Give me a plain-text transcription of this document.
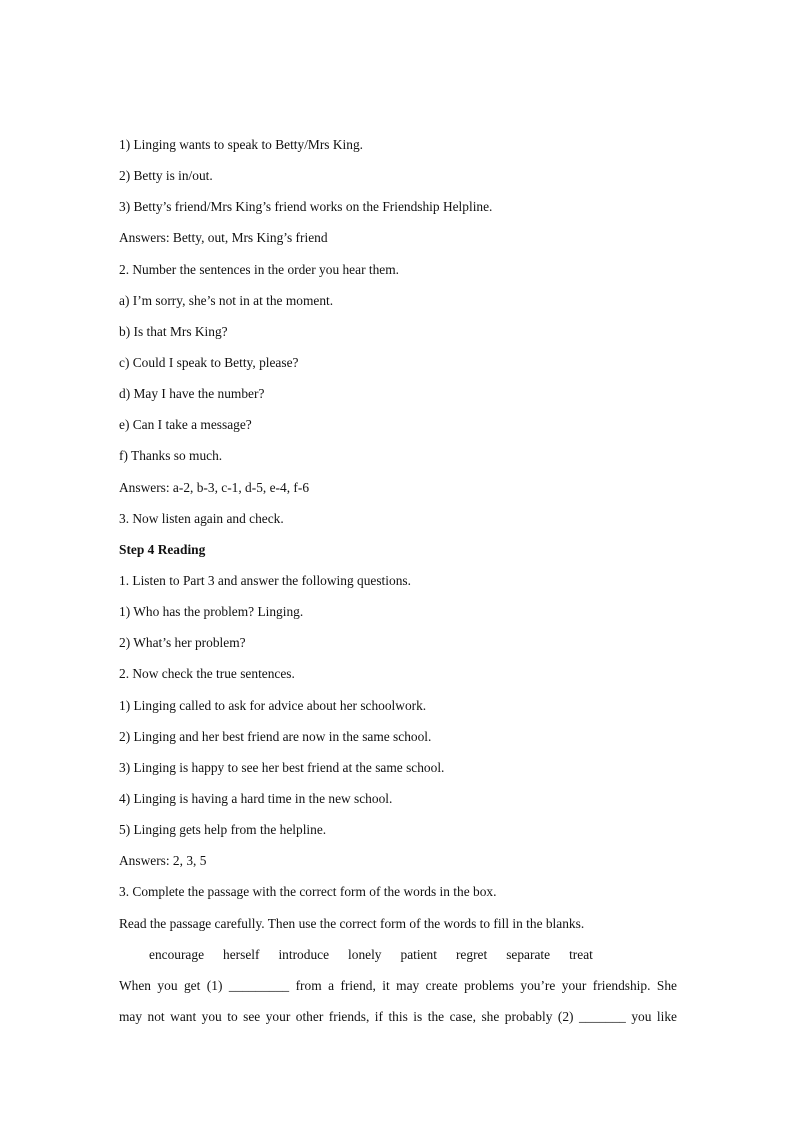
1) Linging wants to speak to Betty/Mrs King.
2) Betty is in/out.
3) Betty’s friend/Mrs King’s friend works on the Friendship Helpline.
Answers: Betty, out, Mrs King’s friend
2. Number the sentences in the order you hear them.
a) I’m sorry, she’s not in at the moment.
b) Is that Mrs King?
c) Could I speak to Betty, please?
d) May I have the number?
e) Can I take a message?
f) Thanks so much.
Answers: a-2, b-3, c-1, d-5, e-4, f-6
3. Now listen again and check.
Step 4 Reading
1. Listen to Part 3 and answer the following questions.
1) Who has the problem? Linging.
2) What’s her problem?
2. Now check the true sentences.
1) Linging called to ask for advice about her schoolwork.
2) Linging and her best friend are now in the same school.
3) Linging is happy to see her best friend at the same school.
4) Linging is having a hard time in the new school.
5) Linging gets help from the helpline.
Answers: 2, 3, 5
3. Complete the passage with the correct form of the words in the box.
Read the passage carefully. Then use the correct form of the words to fill in the blanks.
encourage herself introduce lonely patient regret separate treat
When you get (1) _________ from a friend, it may create problems you’re your friendship. She
may not want you to see your other friends, if this is the case, she probably (2) _______ you like
